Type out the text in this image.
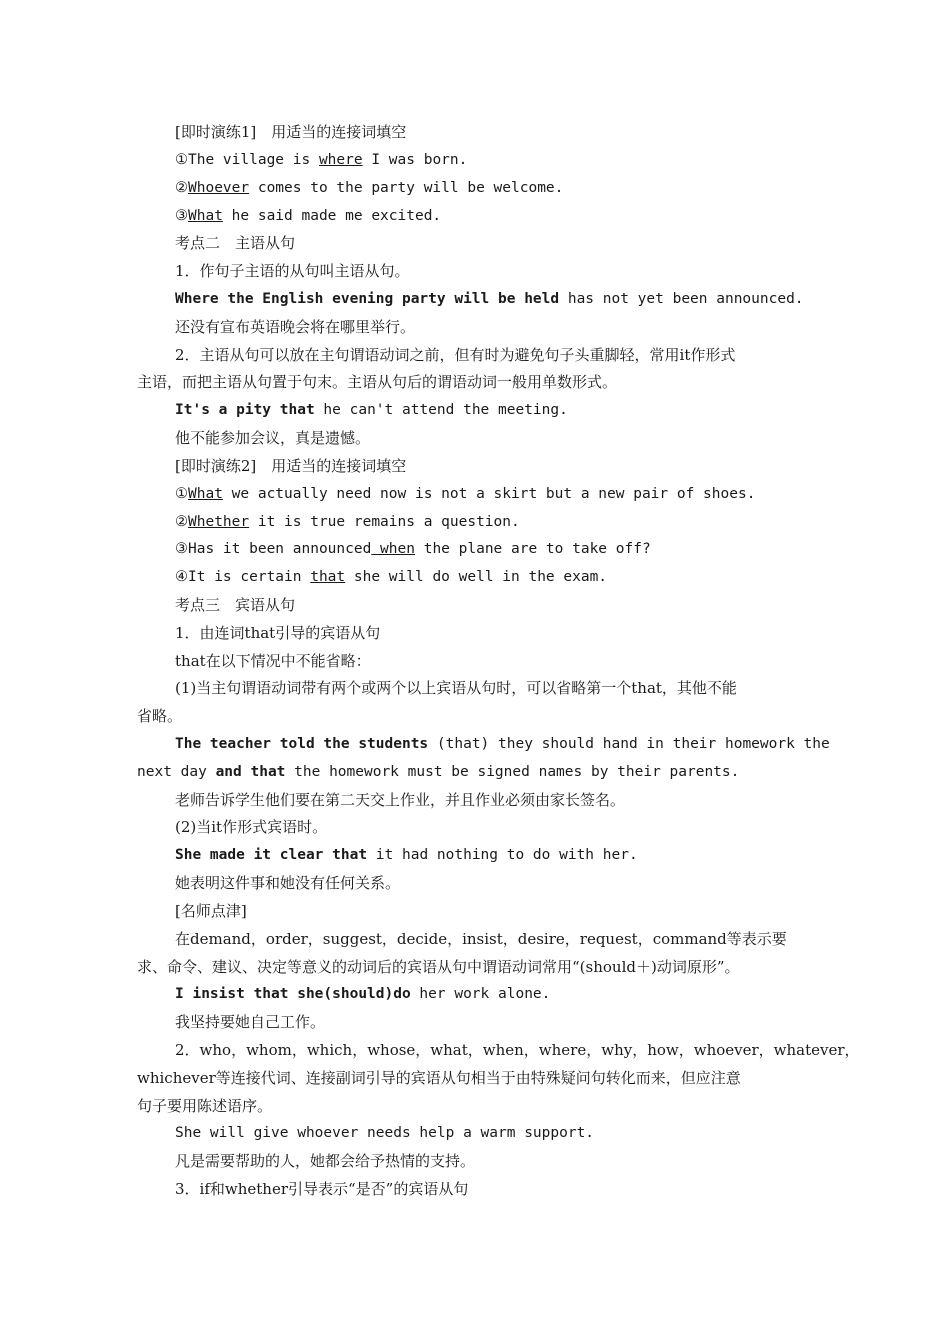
[即时演练1]　用适当的连接词填空
①The village is where I was born.
②Whoever comes to the party will be welcome.
③What he said made me excited.
考点二　主语从句
1．作句子主语的从句叫主语从句。
Where the English evening party will be held has not yet been announced.
还没有宣布英语晚会将在哪里举行。
2．主语从句可以放在主句谓语动词之前，但有时为避免句子头重脚轻，常用it作形式
主语，而把主语从句置于句末。主语从句后的谓语动词一般用单数形式。
It's a pity that he can't attend the meeting.
他不能参加会议，真是遗憾。
[即时演练2]　用适当的连接词填空
①What we actually need now is not a skirt but a new pair of shoes.
②Whether it is true remains a question.
③Has it been announced when the plane are to take off?
④It is certain that she will do well in the exam.
考点三　宾语从句
1．由连词that引导的宾语从句
that在以下情况中不能省略：
(1)当主句谓语动词带有两个或两个以上宾语从句时，可以省略第一个that，其他不能
省略。
The teacher told the students (that) they should hand in their homework the
next day and that the homework must be signed names by their parents.
老师告诉学生他们要在第二天交上作业，并且作业必须由家长签名。
(2)当it作形式宾语时。
She made it clear that it had nothing to do with her.
她表明这件事和她没有任何关系。
[名师点津]
在demand，order，suggest，decide，insist，desire，request，command等表示要
求、命令、建议、决定等意义的动词后的宾语从句中谓语动词常用“(should＋)动词原形”。
I insist that she(should)do her work alone.
我坚持要她自己工作。
2．who，whom，which，whose，what，when，where，why，how，whoever，whatever，
whichever等连接代词、连接副词引导的宾语从句相当于由特殊疑问句转化而来，但应注意
句子要用陈述语序。
She will give whoever needs help a warm support.
凡是需要帮助的人，她都会给予热情的支持。
3．if和whether引导表示“是否”的宾语从句
